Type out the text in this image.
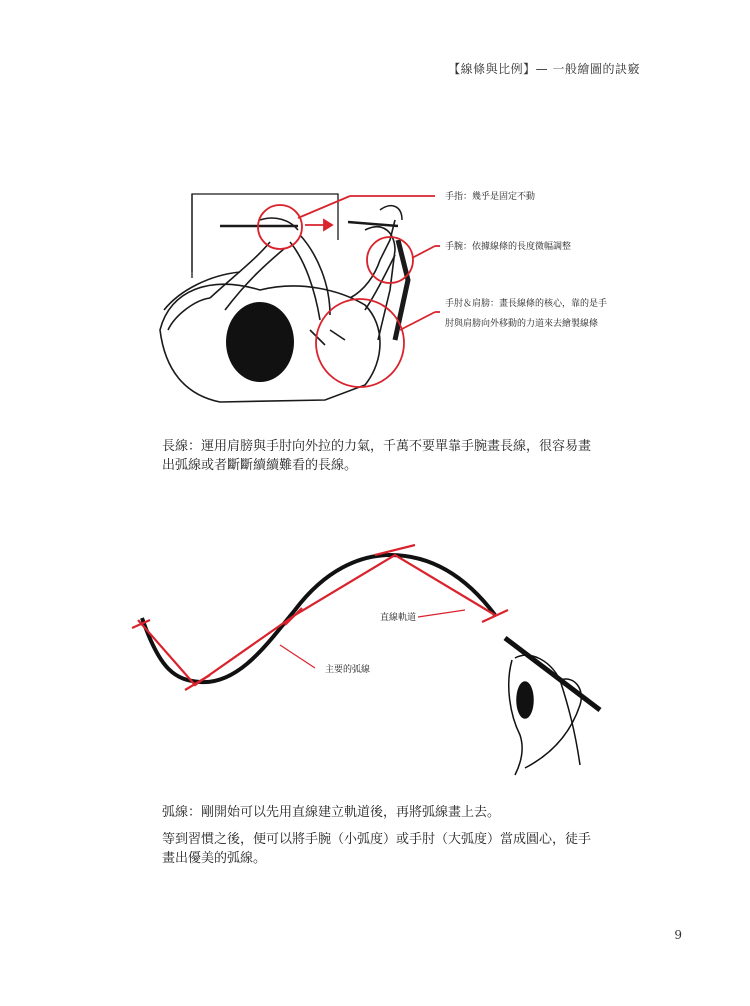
【線條與比例】— 一般繪圖的訣竅
手指：幾乎是固定不動
手腕：依據線條的長度微幅調整
手肘＆肩膀：畫長線條的核心，靠的是手
肘與肩膀向外移動的力道來去繪製線條

長線：運用肩膀與手肘向外拉的力氣，千萬不要單靠手腕畫長線，很容易畫出弧線或者斷斷續續難看的長線。

直線軌道
主要的弧線

弧線：剛開始可以先用直線建立軌道後，再將弧線畫上去。

等到習慣之後，便可以將手腕（小弧度）或手肘（大弧度）當成圓心，徒手畫出優美的弧線。

9
